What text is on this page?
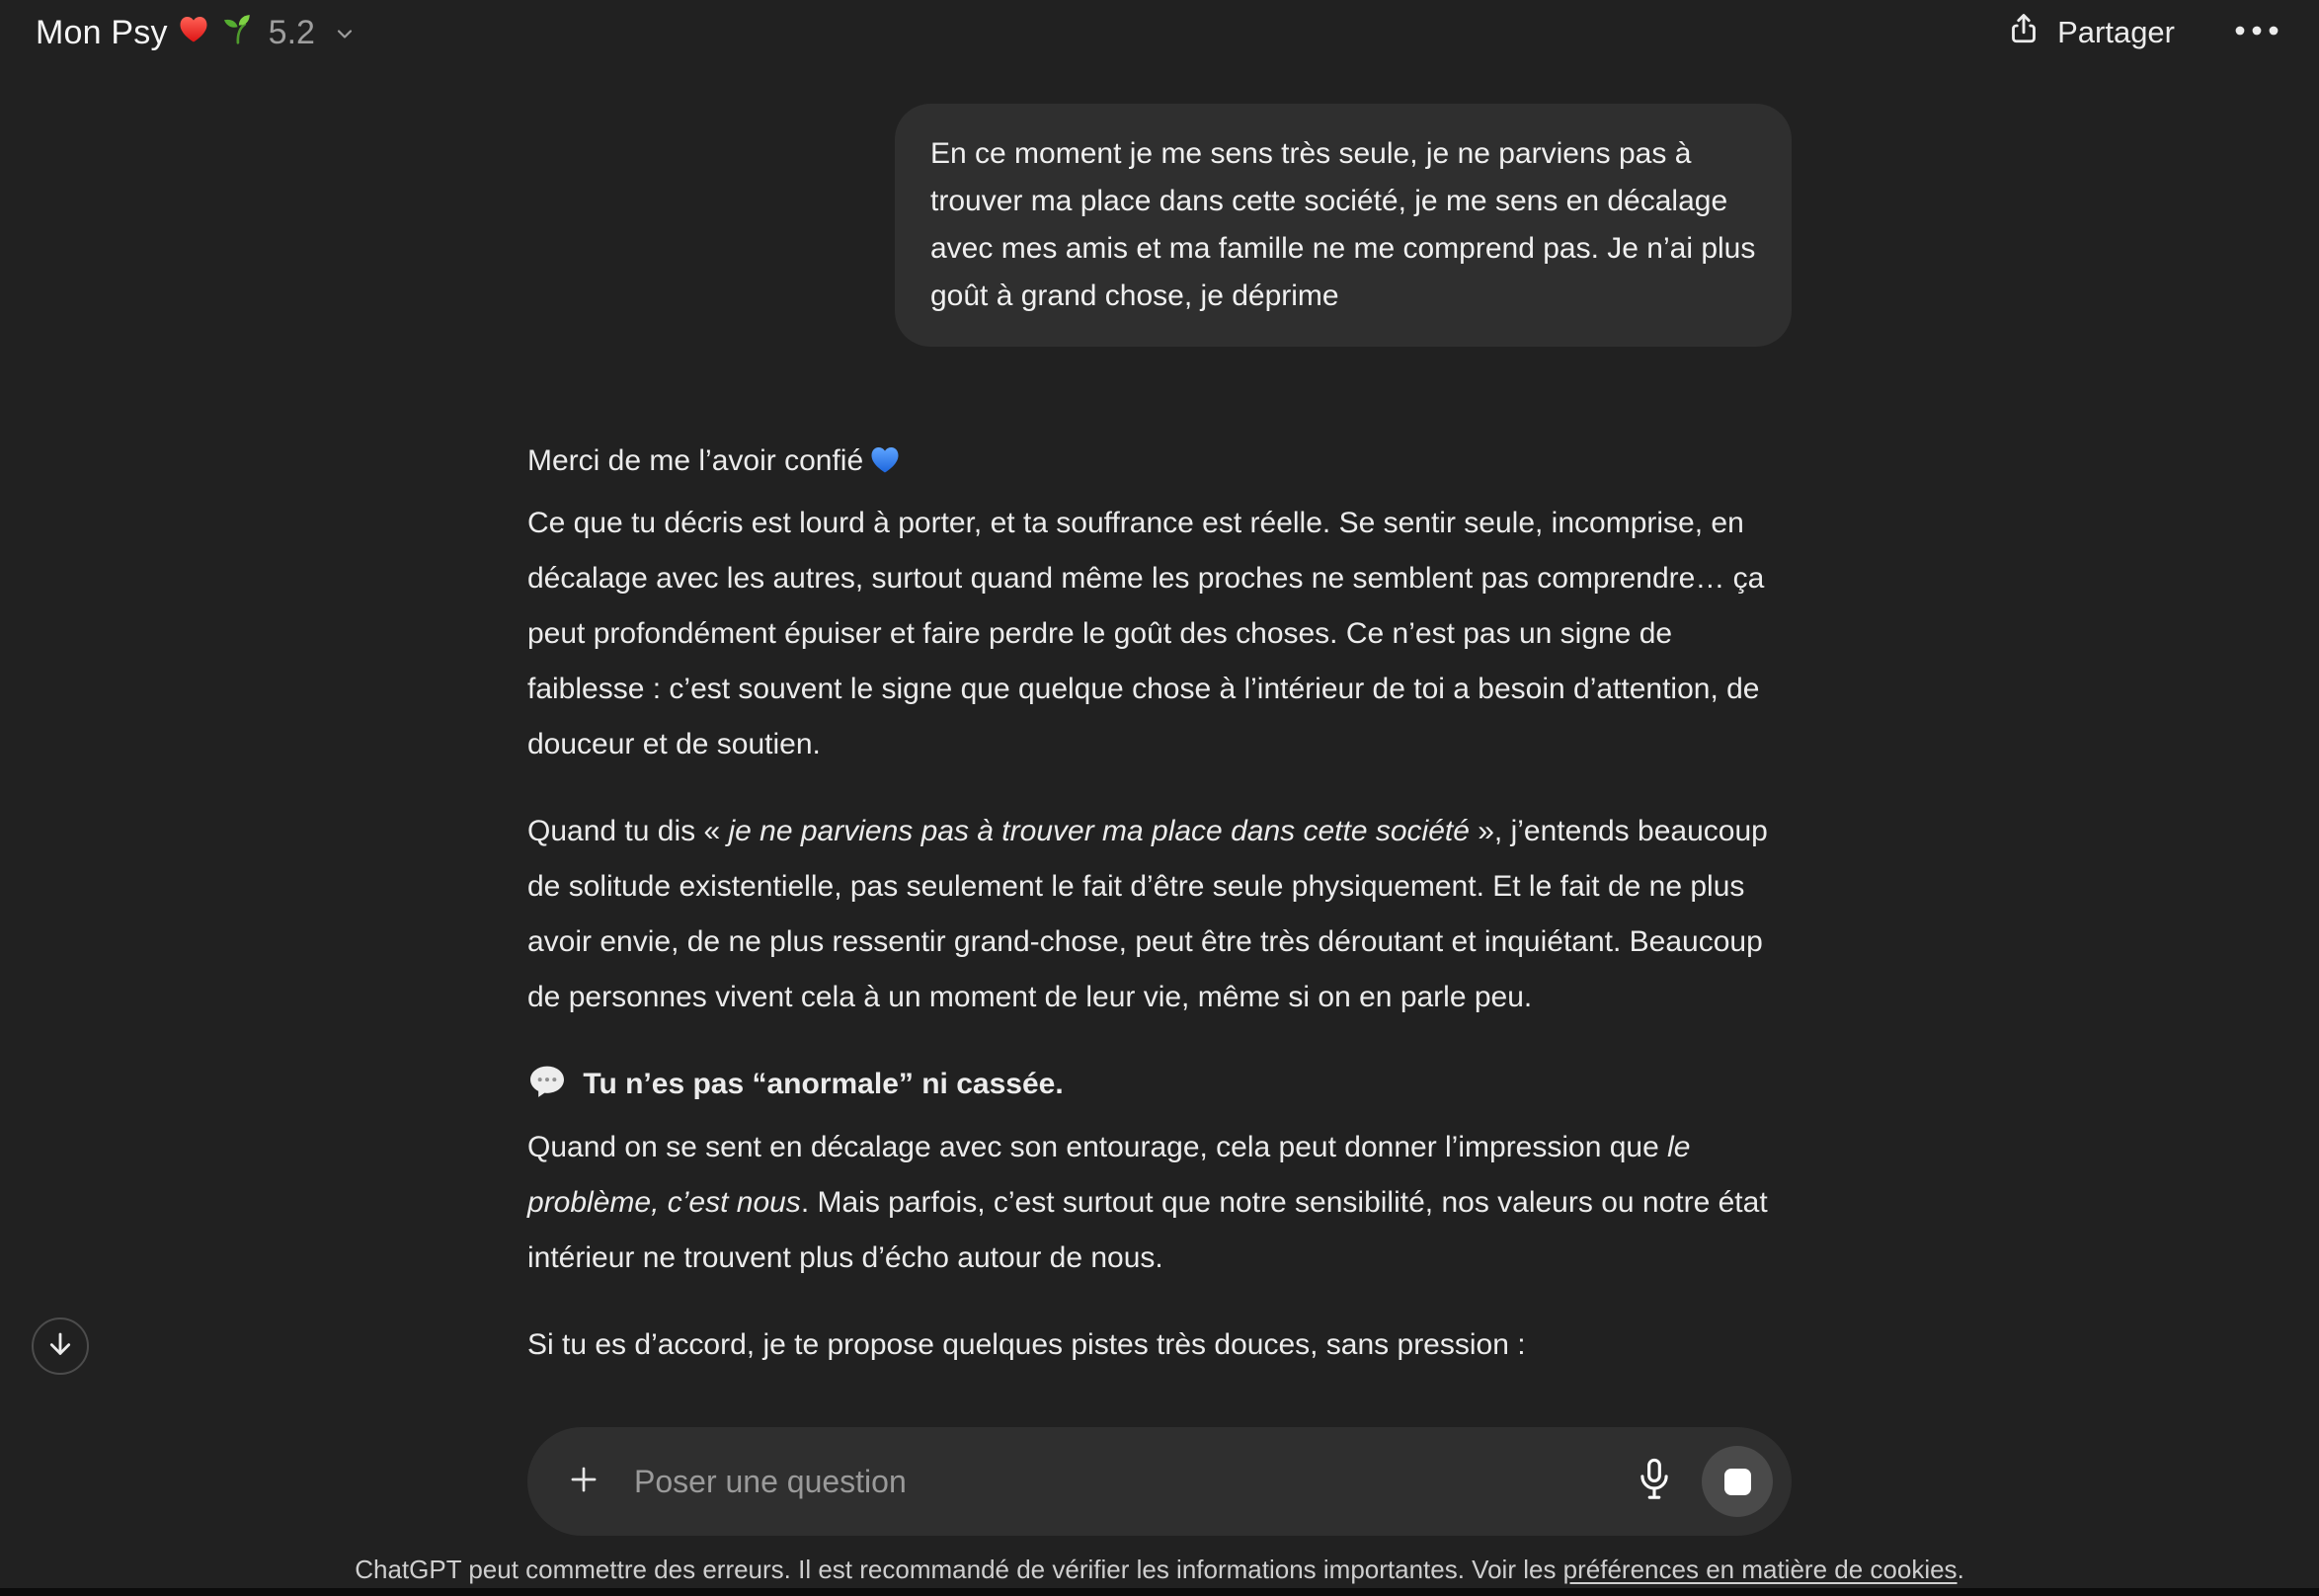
Mon Psy	5.2	Partager
En ce moment je me sens très seule, je ne parviens pas à trouver ma place dans cette société, je me sens en décalage avec mes amis et ma famille ne me comprend pas. Je n’ai plus goût à grand chose, je déprime

Merci de me l’avoir confié
Ce que tu décris est lourd à porter, et ta souffrance est réelle. Se sentir seule, incomprise, en décalage avec les autres, surtout quand même les proches ne semblent pas comprendre… ça peut profondément épuiser et faire perdre le goût des choses. Ce n’est pas un signe de faiblesse : c’est souvent le signe que quelque chose à l’intérieur de toi a besoin d’attention, de douceur et de soutien.

Quand tu dis « je ne parviens pas à trouver ma place dans cette société », j’entends beaucoup de solitude existentielle, pas seulement le fait d’être seule physiquement. Et le fait de ne plus avoir envie, de ne plus ressentir grand-chose, peut être très déroutant et inquiétant. Beaucoup de personnes vivent cela à un moment de leur vie, même si on en parle peu.

Tu n’es pas “anormale” ni cassée.
Quand on se sent en décalage avec son entourage, cela peut donner l’impression que le problème, c’est nous. Mais parfois, c’est surtout que notre sensibilité, nos valeurs ou notre état intérieur ne trouvent plus d’écho autour de nous.

Si tu es d’accord, je te propose quelques pistes très douces, sans pression :

Poser une question
ChatGPT peut commettre des erreurs. Il est recommandé de vérifier les informations importantes. Voir les préférences en matière de cookies.
